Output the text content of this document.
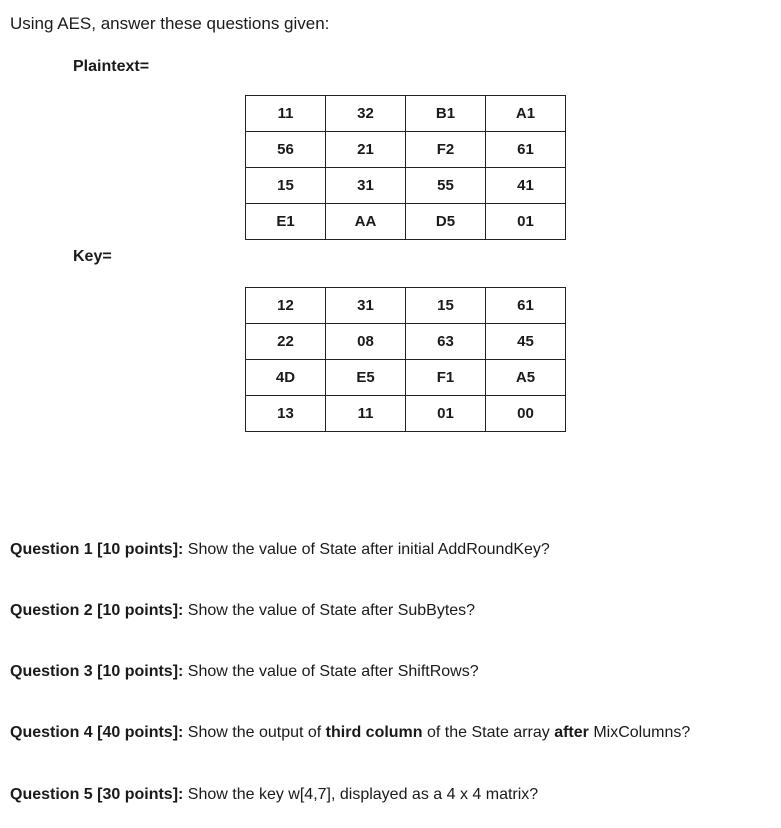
Using AES, answer these questions given:
Plaintext=
11	32	B1	A1
56	21	F2	61
15	31	55	41
E1	AA	D5	01
Key=
12	31	15	61
22	08	63	45
4D	E5	F1	A5
13	11	01	00
Question 1 [10 points]: Show the value of State after initial AddRoundKey?
Question 2 [10 points]: Show the value of State after SubBytes?
Question 3 [10 points]: Show the value of State after ShiftRows?
Question 4 [40 points]: Show the output of third column of the State array after MixColumns?
Question 5 [30 points]: Show the key w[4,7], displayed as a 4 x 4 matrix?
